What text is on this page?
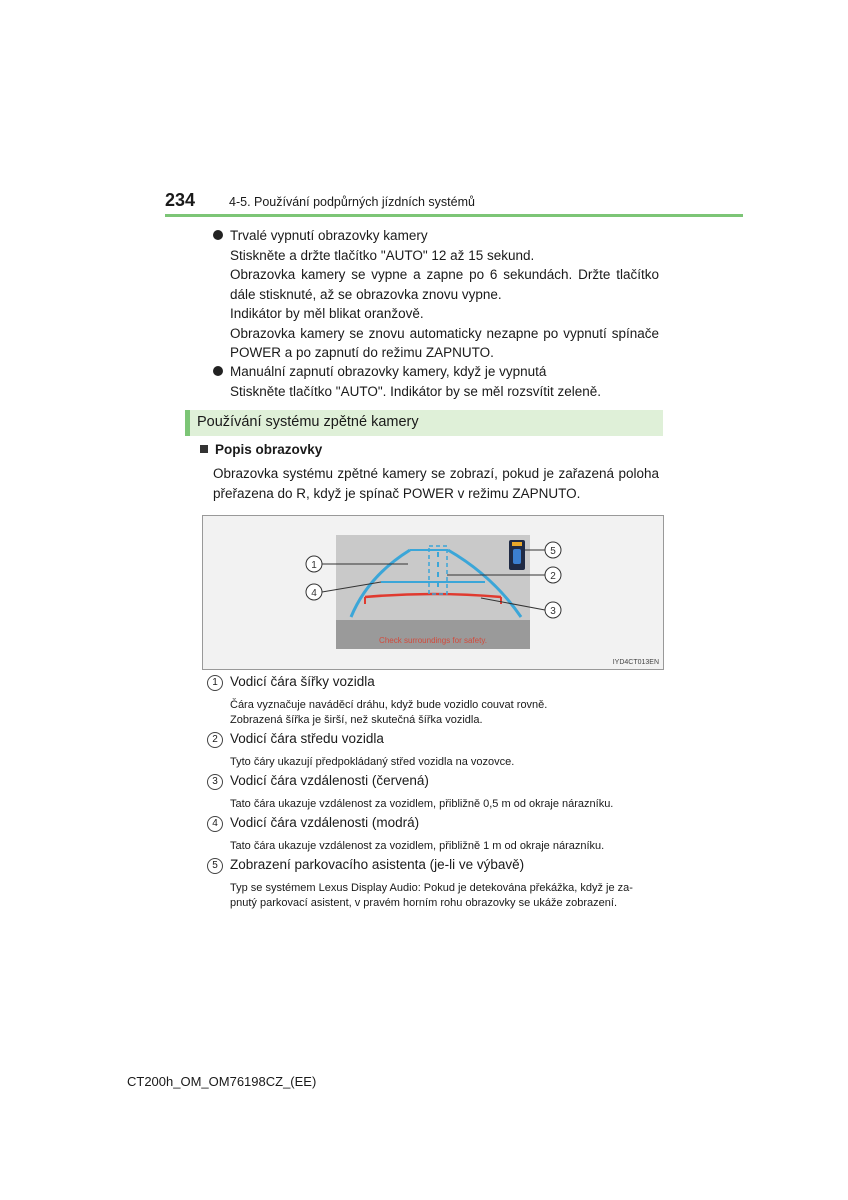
234	4-5. Používání podpůrných jízdních systémů
Trvalé vypnutí obrazovky kamery
Stiskněte a držte tlačítko "AUTO" 12 až 15 sekund.
Obrazovka kamery se vypne a zapne po 6 sekundách. Držte tlačítko dále stisknuté, až se obrazovka znovu vypne.
Indikátor by měl blikat oranžově.
Obrazovka kamery se znovu automaticky nezapne po vypnutí spínače POWER a po zapnutí do režimu ZAPNUTO.
Manuální zapnutí obrazovky kamery, když je vypnutá
Stiskněte tlačítko "AUTO". Indikátor by se měl rozsvítit zeleně.
Používání systému zpětné kamery
Popis obrazovky
Obrazovka systému zpětné kamery se zobrazí, pokud je zařazená poloha přeřazena do R, když je spínač POWER v režimu ZAPNUTO.
Check surroundings for safety.
1
2
3
4
5
IYD4CT013EN
1 Vodicí čára šířky vozidla
Čára vyznačuje naváděcí dráhu, když bude vozidlo couvat rovně.
Zobrazená šířka je širší, než skutečná šířka vozidla.
2 Vodicí čára středu vozidla
Tyto čáry ukazují předpokládaný střed vozidla na vozovce.
3 Vodicí čára vzdálenosti (červená)
Tato čára ukazuje vzdálenost za vozidlem, přibližně 0,5 m od okraje nárazníku.
4 Vodicí čára vzdálenosti (modrá)
Tato čára ukazuje vzdálenost za vozidlem, přibližně 1 m od okraje nárazníku.
5 Zobrazení parkovacího asistenta (je-li ve výbavě)
Typ se systémem Lexus Display Audio: Pokud je detekována překážka, když je za-
pnutý parkovací asistent, v pravém horním rohu obrazovky se ukáže zobrazení.
CT200h_OM_OM76198CZ_(EE)
